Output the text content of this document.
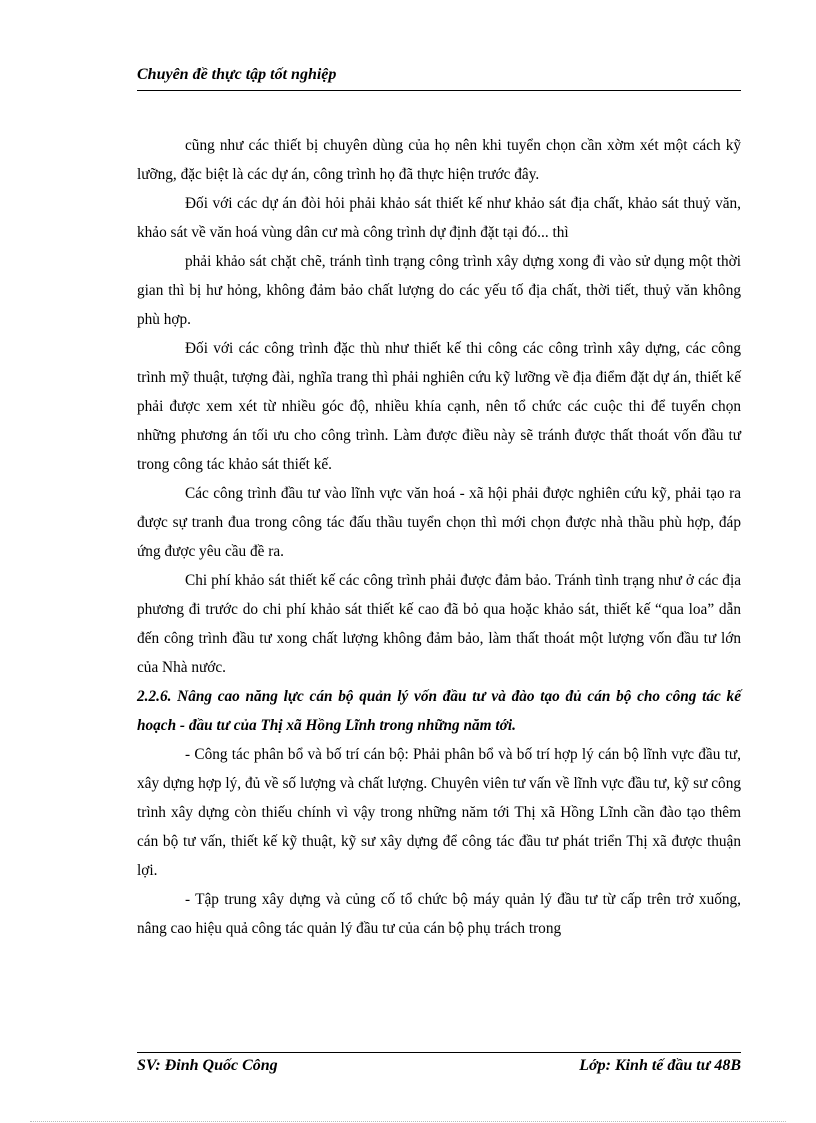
Chuyên đề thực tập tốt nghiệp

cũng như các thiết bị chuyên dùng của họ nên khi tuyển chọn cần xờm xét một cách kỹ lưỡng, đặc biệt là các dự án, công trình họ đã thực hiện trước đây.

Đối với các dự án đòi hỏi phải khảo sát thiết kế như khảo sát địa chất, khảo sát thuỷ văn, khảo sát về văn hoá vùng dân cư mà công trình dự định đặt tại đó... thì

phải khảo sát chặt chẽ, tránh tình trạng công trình xây dựng xong đi vào sử dụng một thời gian thì bị hư hỏng, không đảm bảo chất lượng do các yếu tố địa chất, thời tiết, thuỷ văn không phù hợp.

Đối với các công trình đặc thù như thiết kế thi công các công trình xây dựng, các công trình mỹ thuật, tượng đài, nghĩa trang thì phải nghiên cứu kỹ lưỡng về địa điểm đặt dự án, thiết kế phải được xem xét từ nhiều góc độ, nhiều khía cạnh, nên tổ chức các cuộc thi để tuyển chọn những phương án tối ưu cho công trình. Làm được điều này sẽ tránh được thất thoát vốn đầu tư trong công tác khảo sát thiết kế.

Các công trình đầu tư vào lĩnh vực văn hoá - xã hội phải được nghiên cứu kỹ, phải tạo ra được sự tranh đua trong công tác đấu thầu tuyển chọn thì mới chọn được nhà thầu phù hợp, đáp ứng được yêu cầu đề ra.

Chi phí khảo sát thiết kế các công trình phải được đảm bảo. Tránh tình trạng như ở các địa phương đi trước do chi phí khảo sát thiết kế cao đã bỏ qua hoặc khảo sát, thiết kế “qua loa” dẫn đến công trình đầu tư xong chất lượng không đảm bảo, làm thất thoát một lượng vốn đầu tư lớn của Nhà nước.

2.2.6. Nâng cao năng lực cán bộ quản lý vốn đầu tư và đào tạo đủ cán bộ cho công tác kế hoạch - đầu tư của Thị xã Hồng Lĩnh trong những năm tới.

- Công tác phân bổ và bố trí cán bộ: Phải phân bổ và bố trí hợp lý cán bộ lĩnh vực đầu tư, xây dựng hợp lý, đủ về số lượng và chất lượng. Chuyên viên tư vấn về lĩnh vực đầu tư, kỹ sư công trình xây dựng còn thiếu chính vì vậy trong những năm tới Thị xã Hồng Lĩnh cần đào tạo thêm cán bộ tư vấn, thiết kế kỹ thuật, kỹ sư xây dựng để công tác đầu tư phát triển Thị xã được thuận lợi.

- Tập trung xây dựng và củng cố tổ chức bộ máy quản lý đầu tư từ cấp trên trở xuống, nâng cao hiệu quả công tác quản lý đầu tư của cán bộ phụ trách trong

SV: Đinh Quốc Công	Lớp: Kinh tế đầu tư 48B
